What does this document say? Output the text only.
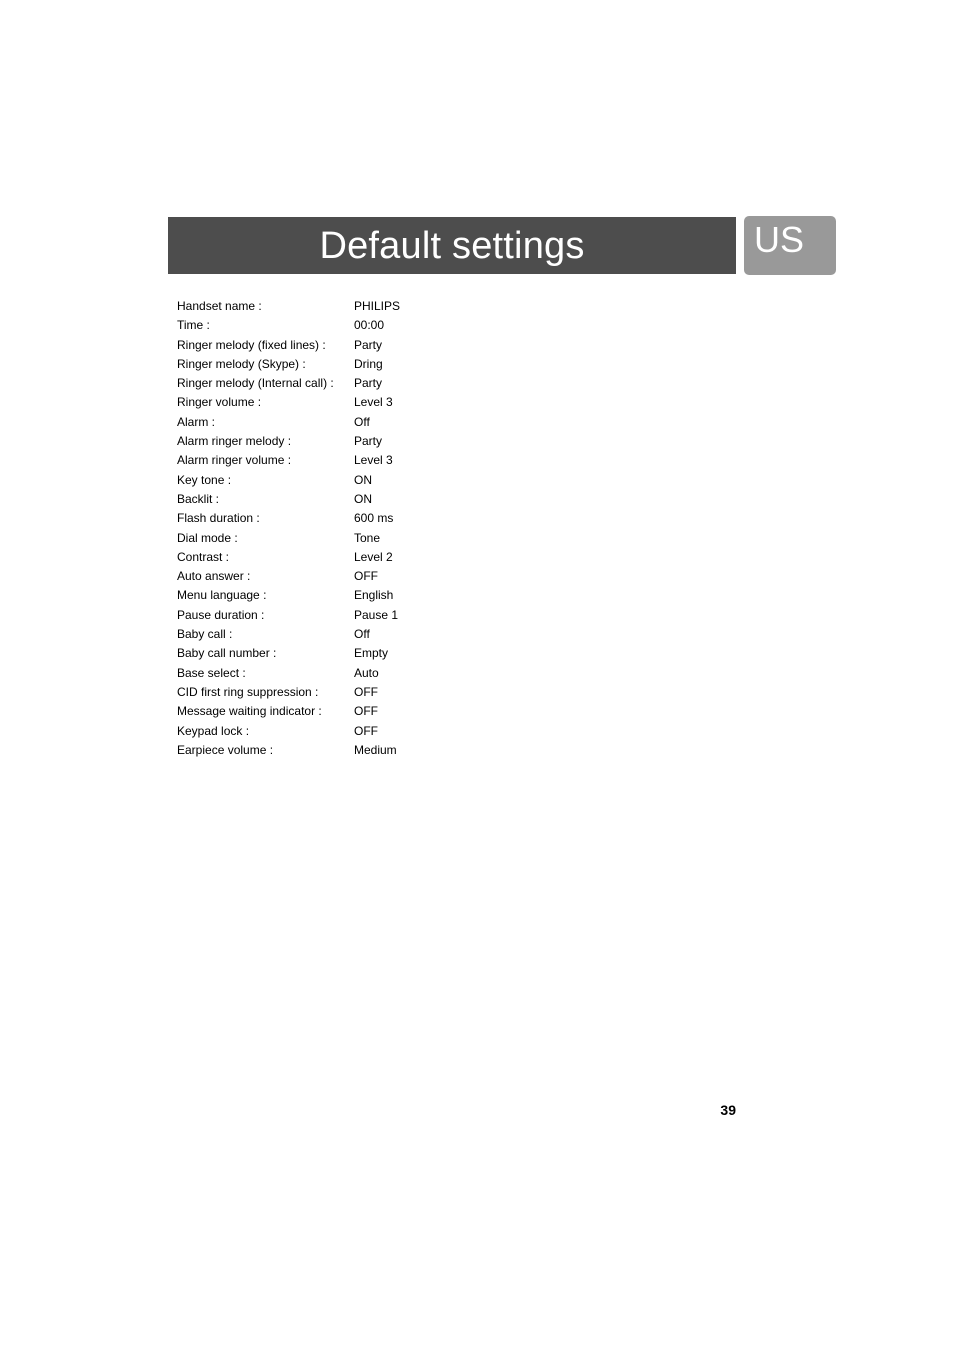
Default settings	US
Handset name :	PHILIPS
Time :	00:00
Ringer melody (fixed lines) :	Party
Ringer melody (Skype) :	Dring
Ringer melody (Internal call) :	Party
Ringer volume :	Level 3
Alarm :	Off
Alarm ringer melody :	Party
Alarm ringer volume :	Level 3
Key tone :	ON
Backlit :	ON
Flash duration :	600 ms
Dial mode :	Tone
Contrast :	Level 2
Auto answer :	OFF
Menu language :	English
Pause duration :	Pause 1
Baby call :	Off
Baby call number :	Empty
Base select :	Auto
CID first ring suppression :	OFF
Message waiting indicator :	OFF
Keypad lock :	OFF
Earpiece volume :	Medium
39
